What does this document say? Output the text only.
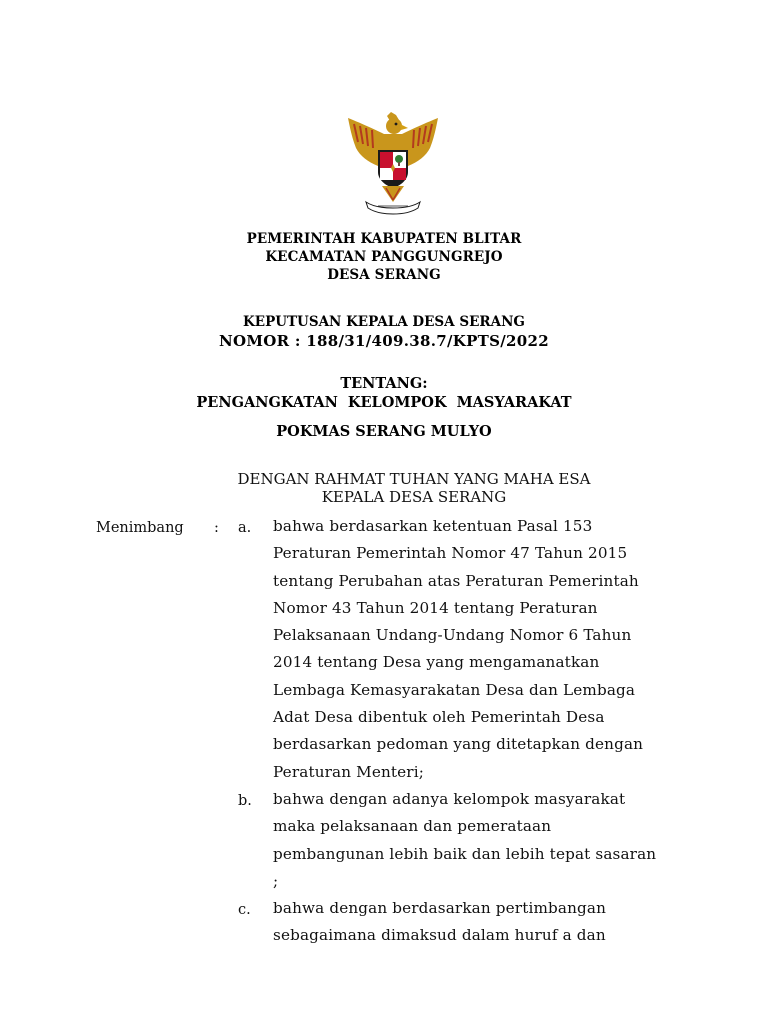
PEMERINTAH KABUPATEN BLITAR
KECAMATAN PANGGUNGREJO
DESA SERANG
KEPUTUSAN KEPALA DESA SERANG
NOMOR : 188/31/409.38.7/KPTS/2022
TENTANG:
PENGANGKATAN KELOMPOK MASYARAKAT
POKMAS SERANG MULYO
DENGAN RAHMAT TUHAN YANG MAHA ESA
KEPALA DESA SERANG
Menimbang : a. bahwa berdasarkan ketentuan Pasal 153
Peraturan Pemerintah Nomor 47 Tahun 2015
tentang Perubahan atas Peraturan Pemerintah
Nomor 43 Tahun 2014 tentang Peraturan
Pelaksanaan Undang-Undang Nomor 6 Tahun
2014 tentang Desa yang mengamanatkan
Lembaga Kemasyarakatan Desa dan Lembaga
Adat Desa dibentuk oleh Pemerintah Desa
berdasarkan pedoman yang ditetapkan dengan
Peraturan Menteri;
b. bahwa dengan adanya kelompok masyarakat
maka pelaksanaan dan pemerataan
pembangunan lebih baik dan lebih tepat sasaran
;
c. bahwa dengan berdasarkan pertimbangan
sebagaimana dimaksud dalam huruf a dan
